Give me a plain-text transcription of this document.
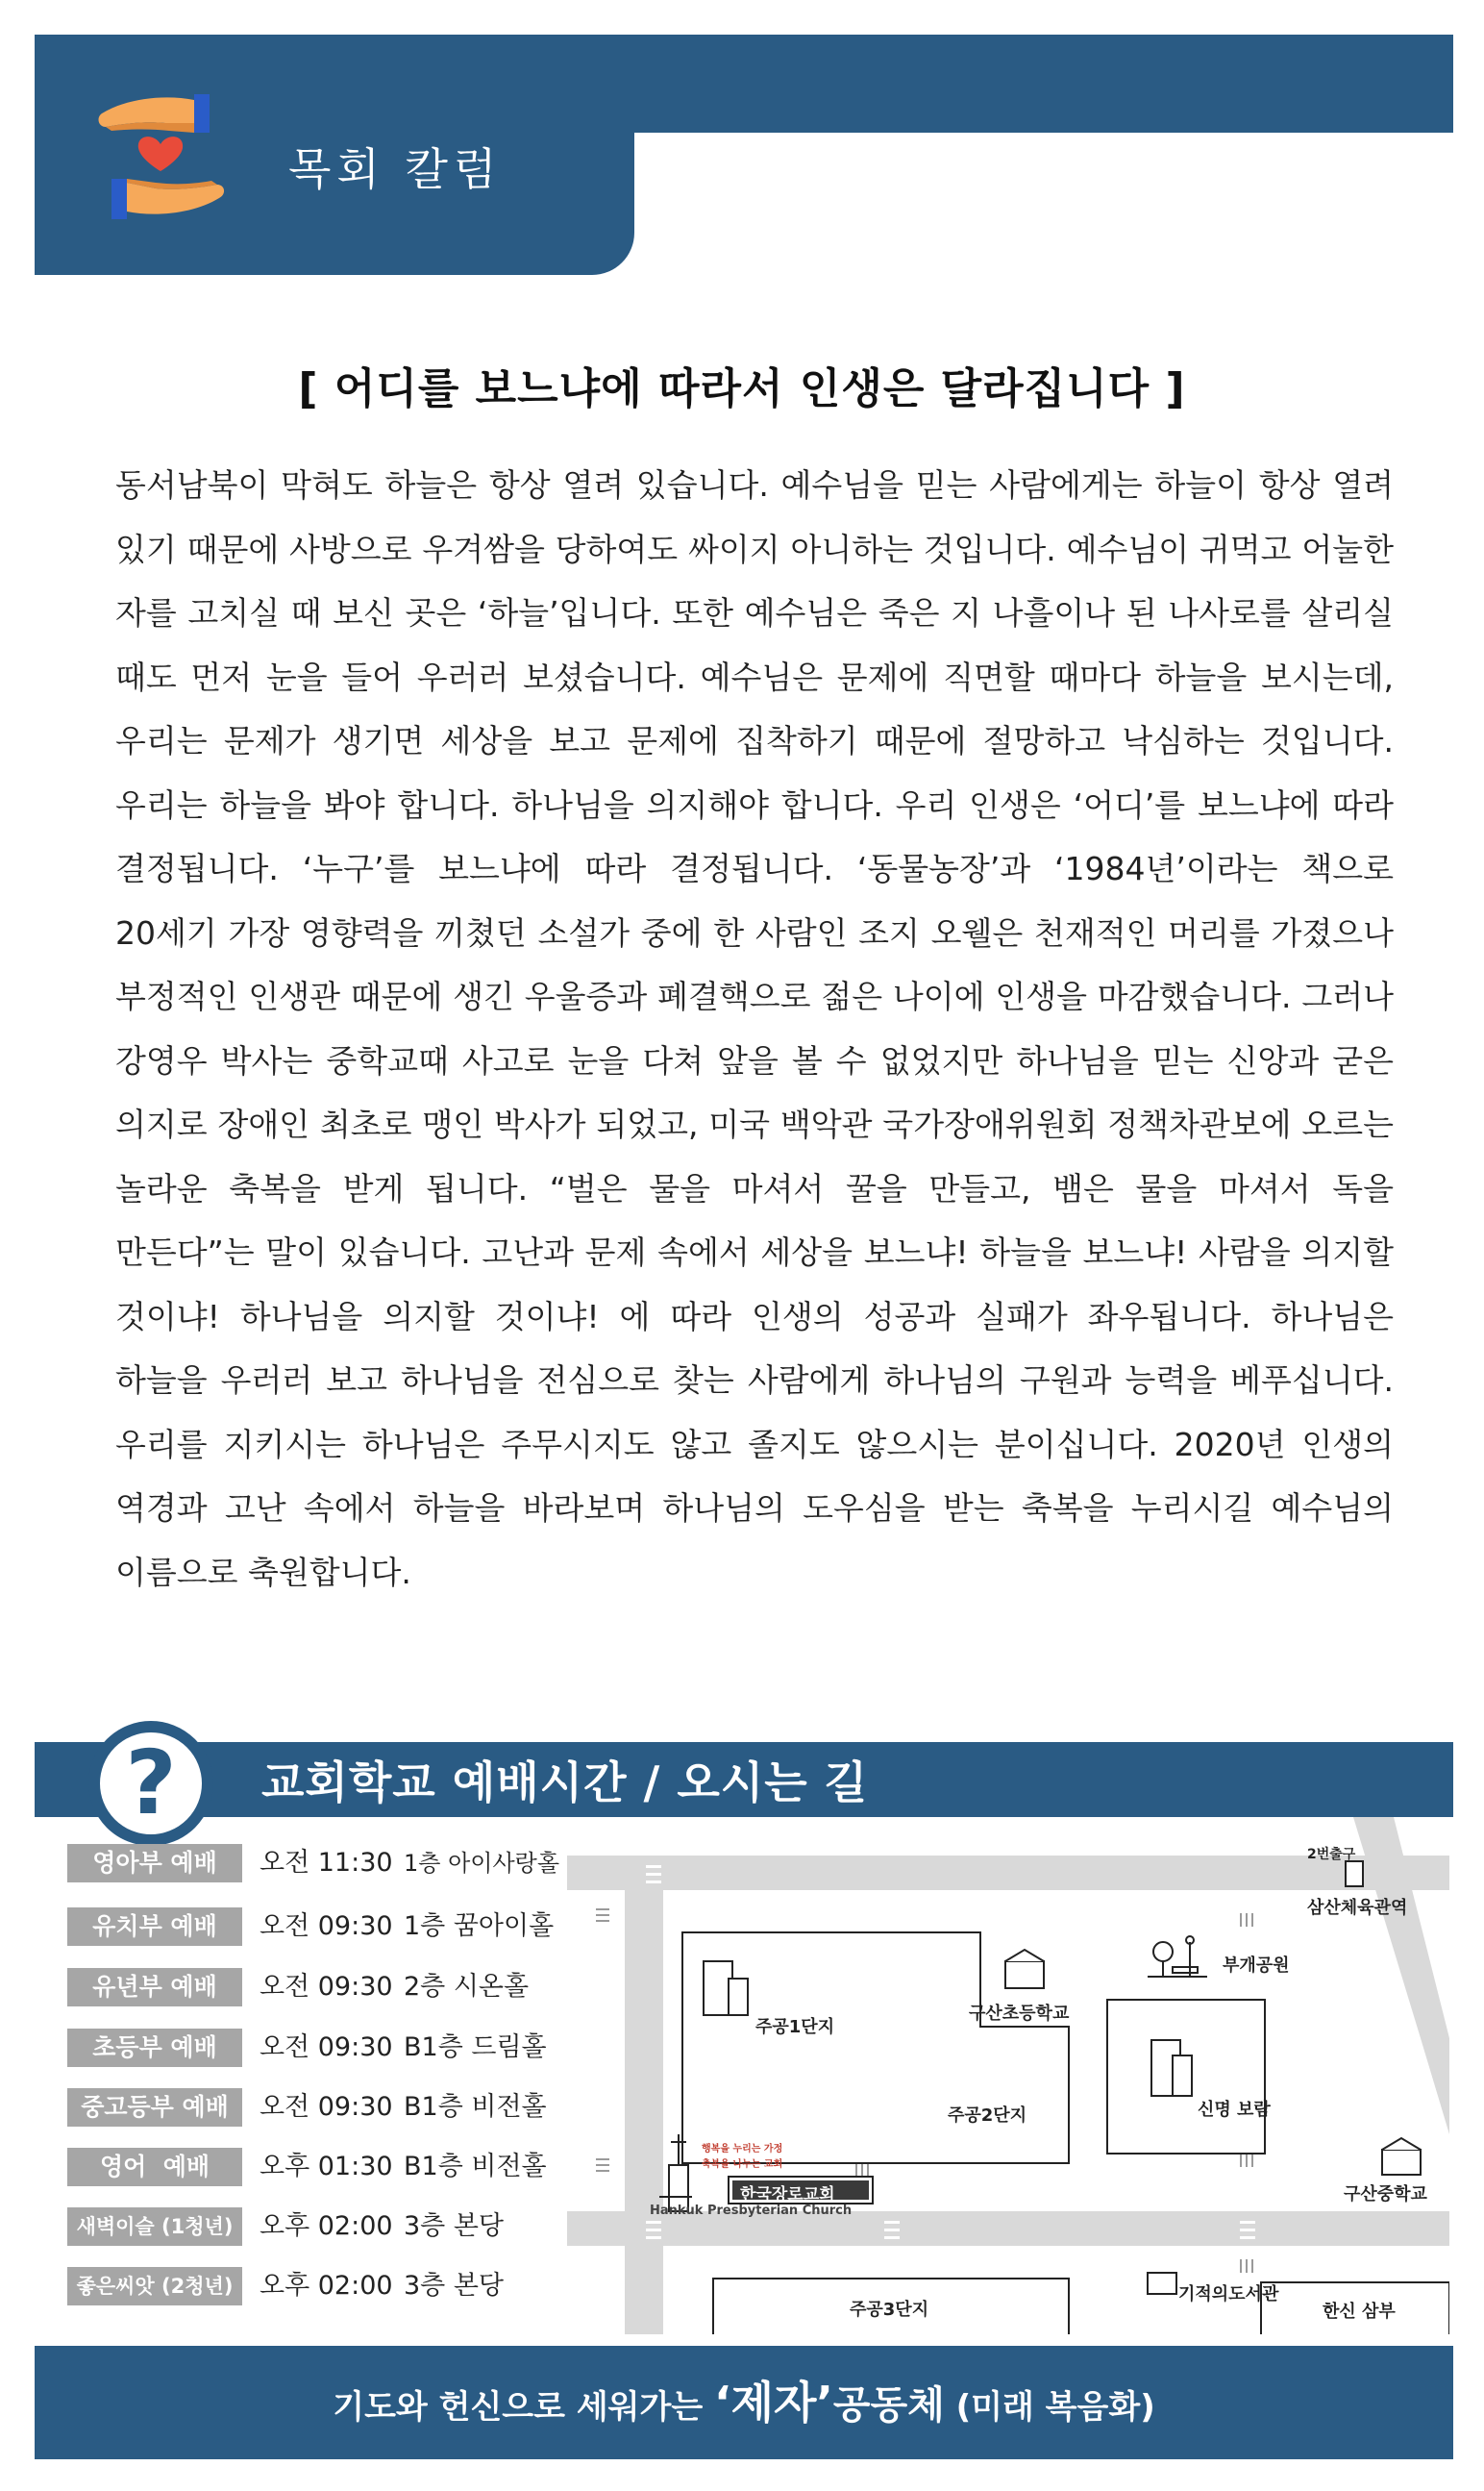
목회 칼럼
[ 어디를 보느냐에 따라서 인생은 달라집니다 ]
동서남북이 막혀도 하늘은 항상 열려 있습니다. 예수님을 믿는 사람에게는 하늘이 항상 열려 있기 때문에 사방으로 우겨쌈을 당하여도 싸이지 아니하는 것입니다. 예수님이 귀먹고 어눌한 자를 고치실 때 보신 곳은 ‘하늘’입니다. 또한 예수님은 죽은 지 나흘이나 된 나사로를 살리실 때도 먼저 눈을 들어 우러러 보셨습니다. 예수님은 문제에 직면할 때마다 하늘을 보시는데, 우리는 문제가 생기면 세상을 보고 문제에 집착하기 때문에 절망하고 낙심하는 것입니다. 우리는 하늘을 봐야 합니다. 하나님을 의지해야 합니다. 우리 인생은 ‘어디’를 보느냐에 따라 결정됩니다. ‘누구’를 보느냐에 따라 결정됩니다. ‘동물농장’과 ‘1984년’이라는 책으로 20세기 가장 영향력을 끼쳤던 소설가 중에 한 사람인 조지 오웰은 천재적인 머리를 가졌으나 부정적인 인생관 때문에 생긴 우울증과 폐결핵으로 젊은 나이에 인생을 마감했습니다. 그러나 강영우 박사는 중학교때 사고로 눈을 다쳐 앞을 볼 수 없었지만 하나님을 믿는 신앙과 굳은 의지로 장애인 최초로 맹인 박사가 되었고, 미국 백악관 국가장애위원회 정책차관보에 오르는 놀라운 축복을 받게 됩니다. “벌은 물을 마셔서 꿀을 만들고, 뱀은 물을 마셔서 독을 만든다”는 말이 있습니다. 고난과 문제 속에서 세상을 보느냐! 하늘을 보느냐! 사람을 의지할 것이냐! 하나님을 의지할 것이냐! 에 따라 인생의 성공과 실패가 좌우됩니다. 하나님은 하늘을 우러러 보고 하나님을 전심으로 찾는 사람에게 하나님의 구원과 능력을 베푸십니다. 우리를 지키시는 하나님은 주무시지도 않고 졸지도 않으시는 분이십니다. 2020년 인생의 역경과 고난 속에서 하늘을 바라보며 하나님의 도우심을 받는 축복을 누리시길 예수님의 이름으로 축원합니다.
?	교회학교 예배시간 / 오시는 길
영아부 예배	오전 11:30 1층 아이사랑홀
유치부 예배	오전 09:30 1층 꿈아이홀
유년부 예배	오전 09:30 2층 시온홀
초등부 예배	오전 09:30 B1층 드림홀
중고등부 예배	오전 09:30 B1층 비전홀
영어  예배	오후 01:30 B1층 비전홀
새벽이슬 (1청년)	오후 02:00 3층 본당
좋은씨앗 (2청년)	오후 02:00 3층 본당
2번출구
삼산체육관역
부개공원
구산초등학교
주공1단지
주공2단지	신명 보람
구산중학교
행복을 누리는 가정
축복을 나누는 교회
한국장로교회
Hankuk Presbyterian Church
주공3단지
기적의도서관
한신 삼부
기도와 헌신으로 세워가는 ‘제자’공동체 (미래 복음화)
